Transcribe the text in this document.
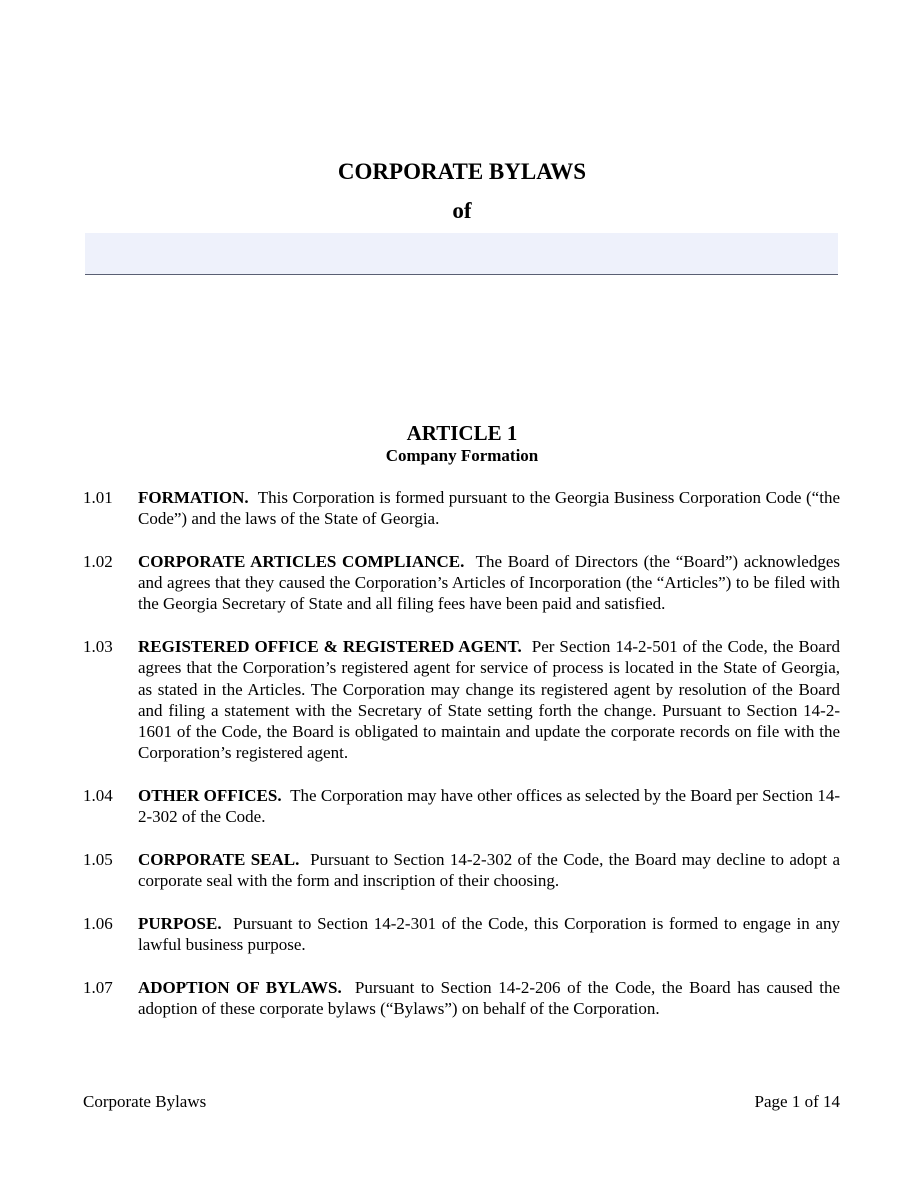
CORPORATE BYLAWS
of
ARTICLE 1
Company Formation
1.01	FORMATION. This Corporation is formed pursuant to the Georgia Business Corporation Code (“the Code”) and the laws of the State of Georgia.
1.02	CORPORATE ARTICLES COMPLIANCE. The Board of Directors (the “Board”) acknowledges and agrees that they caused the Corporation’s Articles of Incorporation (the “Articles”) to be filed with the Georgia Secretary of State and all filing fees have been paid and satisfied.
1.03	REGISTERED OFFICE & REGISTERED AGENT. Per Section 14-2-501 of the Code, the Board agrees that the Corporation’s registered agent for service of process is located in the State of Georgia, as stated in the Articles. The Corporation may change its registered agent by resolution of the Board and filing a statement with the Secretary of State setting forth the change. Pursuant to Section 14-2-1601 of the Code, the Board is obligated to maintain and update the corporate records on file with the Corporation’s registered agent.
1.04	OTHER OFFICES. The Corporation may have other offices as selected by the Board per Section 14-2-302 of the Code.
1.05	CORPORATE SEAL. Pursuant to Section 14-2-302 of the Code, the Board may decline to adopt a corporate seal with the form and inscription of their choosing.
1.06	PURPOSE. Pursuant to Section 14-2-301 of the Code, this Corporation is formed to engage in any lawful business purpose.
1.07	ADOPTION OF BYLAWS. Pursuant to Section 14-2-206 of the Code, the Board has caused the adoption of these corporate bylaws (“Bylaws”) on behalf of the Corporation.
Corporate Bylaws	Page 1 of 14
